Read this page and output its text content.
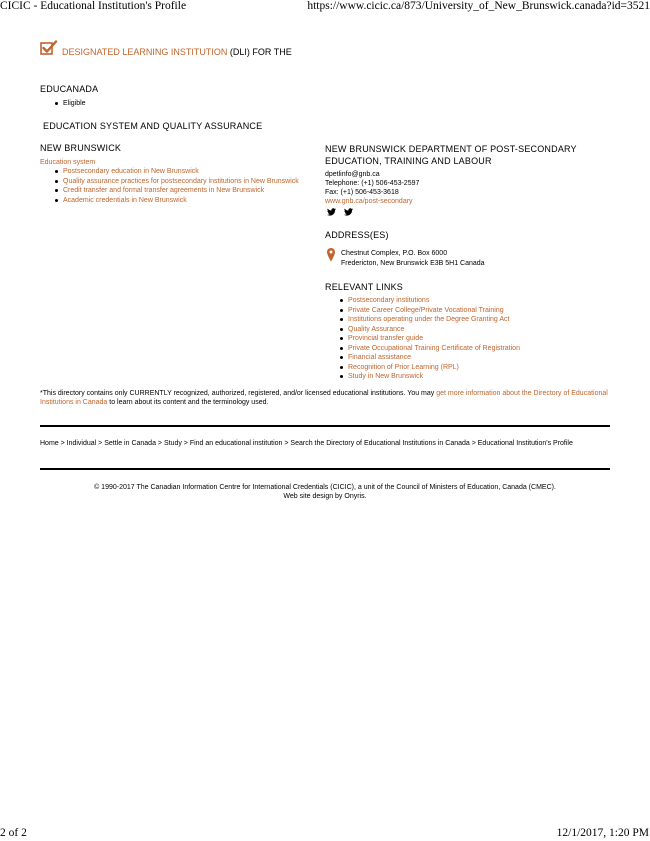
CICIC - Educational Institution's Profile	https://www.cicic.ca/873/University_of_New_Brunswick.canada?id=3521
DESIGNATED LEARNING INSTITUTION (DLI) FOR THE
EDUCANADA
Eligible
EDUCATION SYSTEM AND QUALITY ASSURANCE
NEW BRUNSWICK
Education system
Postsecondary education in New Brunswick
Quality assurance practices for postsecondary institutions in New Brunswick
Credit transfer and formal transfer agreements in New Brunswick
Academic credentials in New Brunswick
NEW BRUNSWICK DEPARTMENT OF POST-SECONDARY
EDUCATION, TRAINING AND LABOUR
dpetlinfo@gnb.ca
Telephone: (+1) 506-453-2597
Fax: (+1) 506-453-3618
www.gnb.ca/post-secondary
ADDRESS(ES)
Chestnut Complex, P.O. Box 6000
Fredericton, New Brunswick E3B 5H1 Canada
RELEVANT LINKS
Postsecondary institutions
Private Career College/Private Vocational Training
Institutions operating under the Degree Granting Act
Quality Assurance
Provincial transfer guide
Private Occupational Training Certificate of Registration
Financial assistance
Recognition of Prior Learning (RPL)
Study in New Brunswick
*This directory contains only CURRENTLY recognized, authorized, registered, and/or licensed educational institutions. You may get more information about the Directory of Educational Institutions in Canada to learn about its content and the terminology used.
Home > Individual > Settle in Canada > Study > Find an educational institution > Search the Directory of Educational Institutions in Canada > Educational Institution's Profile
© 1990-2017 The Canadian Information Centre for International Credentials (CICIC), a unit of the Council of Ministers of Education, Canada (CMEC).
Web site design by Onyris.
2 of 2	12/1/2017, 1:20 PM
